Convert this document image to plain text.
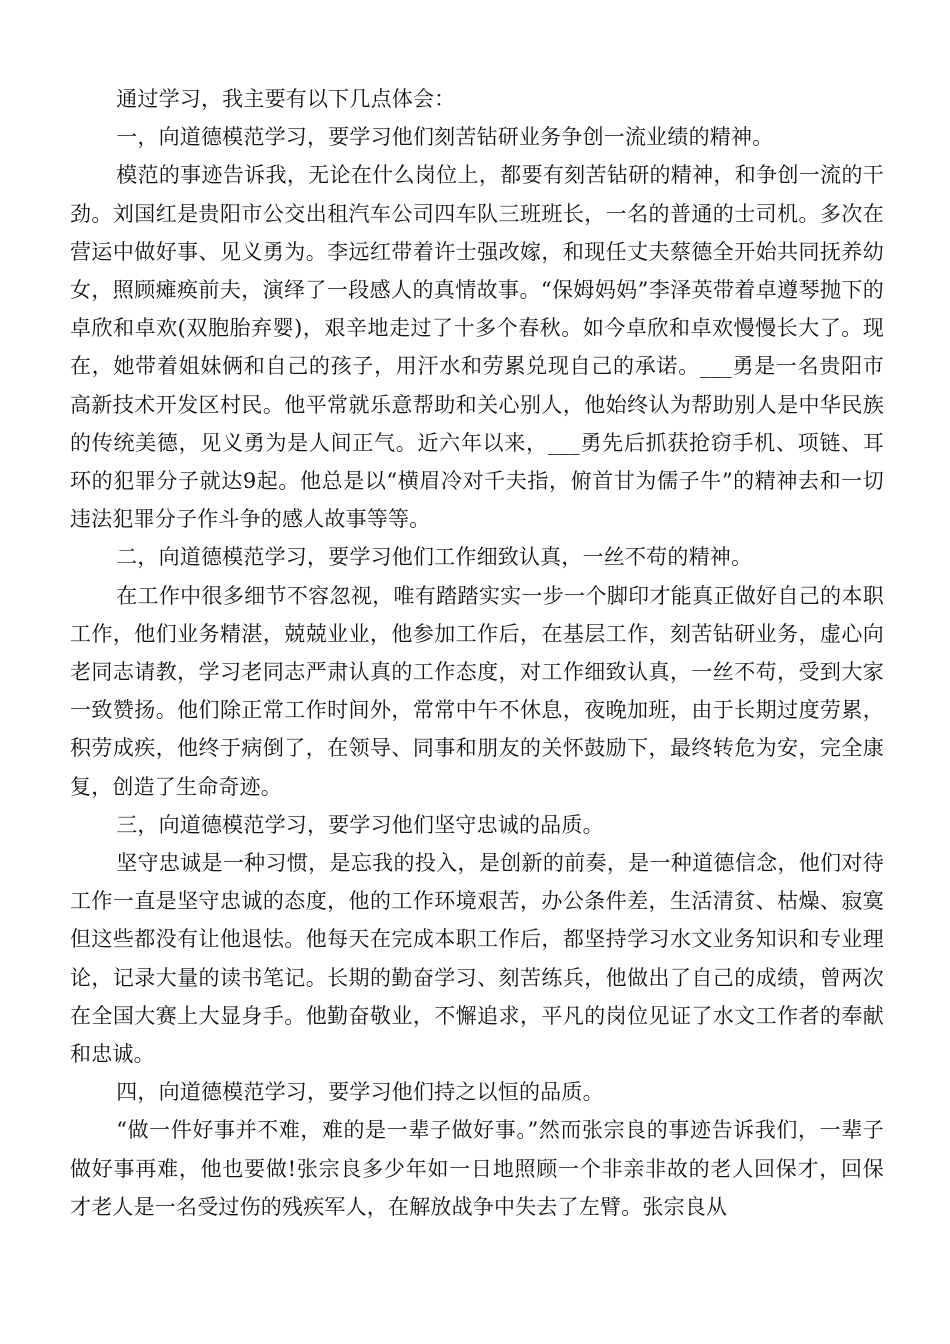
通过学习，我主要有以下几点体会：

一，向道德模范学习，要学习他们刻苦钻研业务争创一流业绩的精神。

模范的事迹告诉我，无论在什么岗位上，都要有刻苦钻研的精神，和争创一流的干劲。刘国红是贵阳市公交出租汽车公司四车队三班班长，一名的普通的士司机。多次在营运中做好事、见义勇为。李远红带着许士强改嫁，和现任丈夫蔡德全开始共同抚养幼女，照顾瘫痪前夫，演绎了一段感人的真情故事。“保姆妈妈”李泽英带着卓遵琴抛下的卓欣和卓欢(双胞胎弃婴)，艰辛地走过了十多个春秋。如今卓欣和卓欢慢慢长大了。现在，她带着姐妹俩和自己的孩子，用汗水和劳累兑现自己的承诺。___勇是一名贵阳市高新技术开发区村民。他平常就乐意帮助和关心别人，他始终认为帮助别人是中华民族的传统美德，见义勇为是人间正气。近六年以来，___勇先后抓获抢窃手机、项链、耳环的犯罪分子就达9起。他总是以“横眉冷对千夫指，俯首甘为儒子牛”的精神去和一切违法犯罪分子作斗争的感人故事等等。

二，向道德模范学习，要学习他们工作细致认真，一丝不苟的精神。

在工作中很多细节不容忽视，唯有踏踏实实一步一个脚印才能真正做好自己的本职工作，他们业务精湛，兢兢业业，他参加工作后，在基层工作，刻苦钻研业务，虚心向老同志请教，学习老同志严肃认真的工作态度，对工作细致认真，一丝不苟，受到大家一致赞扬。他们除正常工作时间外，常常中午不休息，夜晚加班，由于长期过度劳累，积劳成疾，他终于病倒了，在领导、同事和朋友的关怀鼓励下，最终转危为安，完全康复，创造了生命奇迹。

三，向道德模范学习，要学习他们坚守忠诚的品质。

坚守忠诚是一种习惯，是忘我的投入，是创新的前奏，是一种道德信念，他们对待工作一直是坚守忠诚的态度，他的工作环境艰苦，办公条件差，生活清贫、枯燥、寂寞但这些都没有让他退怯。他每天在完成本职工作后，都坚持学习水文业务知识和专业理论，记录大量的读书笔记。长期的勤奋学习、刻苦练兵，他做出了自己的成绩，曾两次在全国大赛上大显身手。他勤奋敬业，不懈追求，平凡的岗位见证了水文工作者的奉献和忠诚。

四，向道德模范学习，要学习他们持之以恒的品质。

“做一件好事并不难，难的是一辈子做好事。”然而张宗良的事迹告诉我们，一辈子做好事再难，他也要做!张宗良多少年如一日地照顾一个非亲非故的老人回保才，回保才老人是一名受过伤的残疾军人，在解放战争中失去了左臂。张宗良从
